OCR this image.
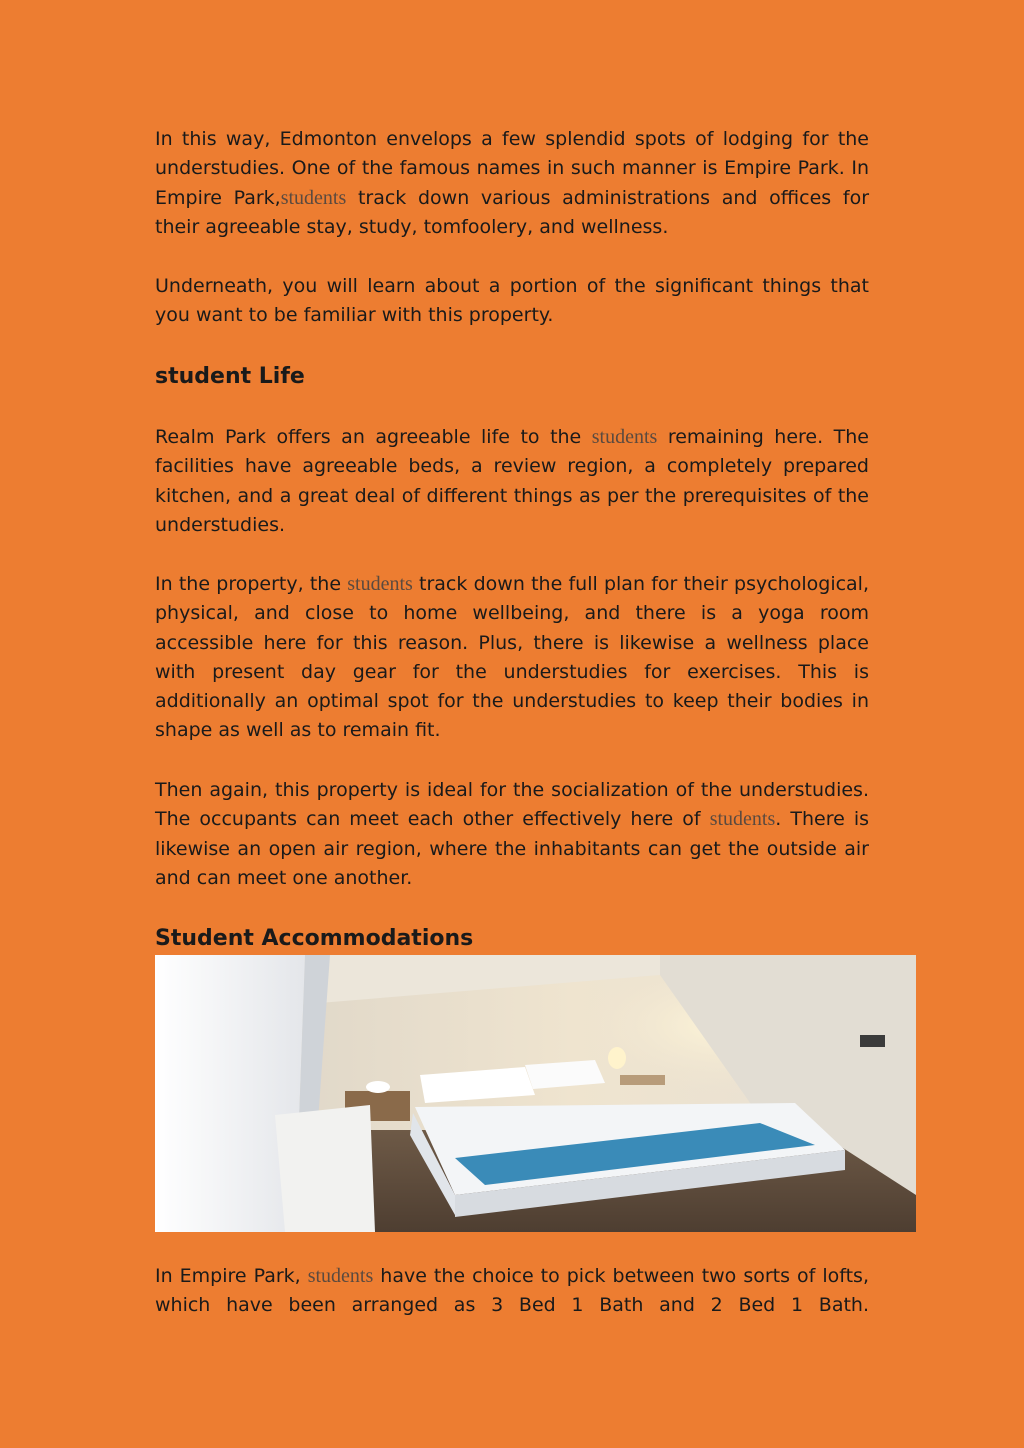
In this way, Edmonton envelops a few splendid spots of lodging for the understudies. One of the famous names in such manner is Empire Park. In Empire Park,students track down various administrations and offices for their agreeable stay, study, tomfoolery, and wellness.

Underneath, you will learn about a portion of the significant things that you want to be familiar with this property.

student Life

Realm Park offers an agreeable life to the students remaining here. The facilities have agreeable beds, a review region, a completely prepared kitchen, and a great deal of different things as per the prerequisites of the understudies.

In the property, the students track down the full plan for their psychological, physical, and close to home wellbeing, and there is a yoga room accessible here for this reason. Plus, there is likewise a wellness place with present day gear for the understudies for exercises. This is additionally an optimal spot for the understudies to keep their bodies in shape as well as to remain fit.

Then again, this property is ideal for the socialization of the understudies. The occupants can meet each other effectively here of students. There is likewise an open air region, where the inhabitants can get the outside air and can meet one another.

Student Accommodations

In Empire Park, students have the choice to pick between two sorts of lofts, which have been arranged as 3 Bed 1 Bath and 2 Bed 1 Bath.
